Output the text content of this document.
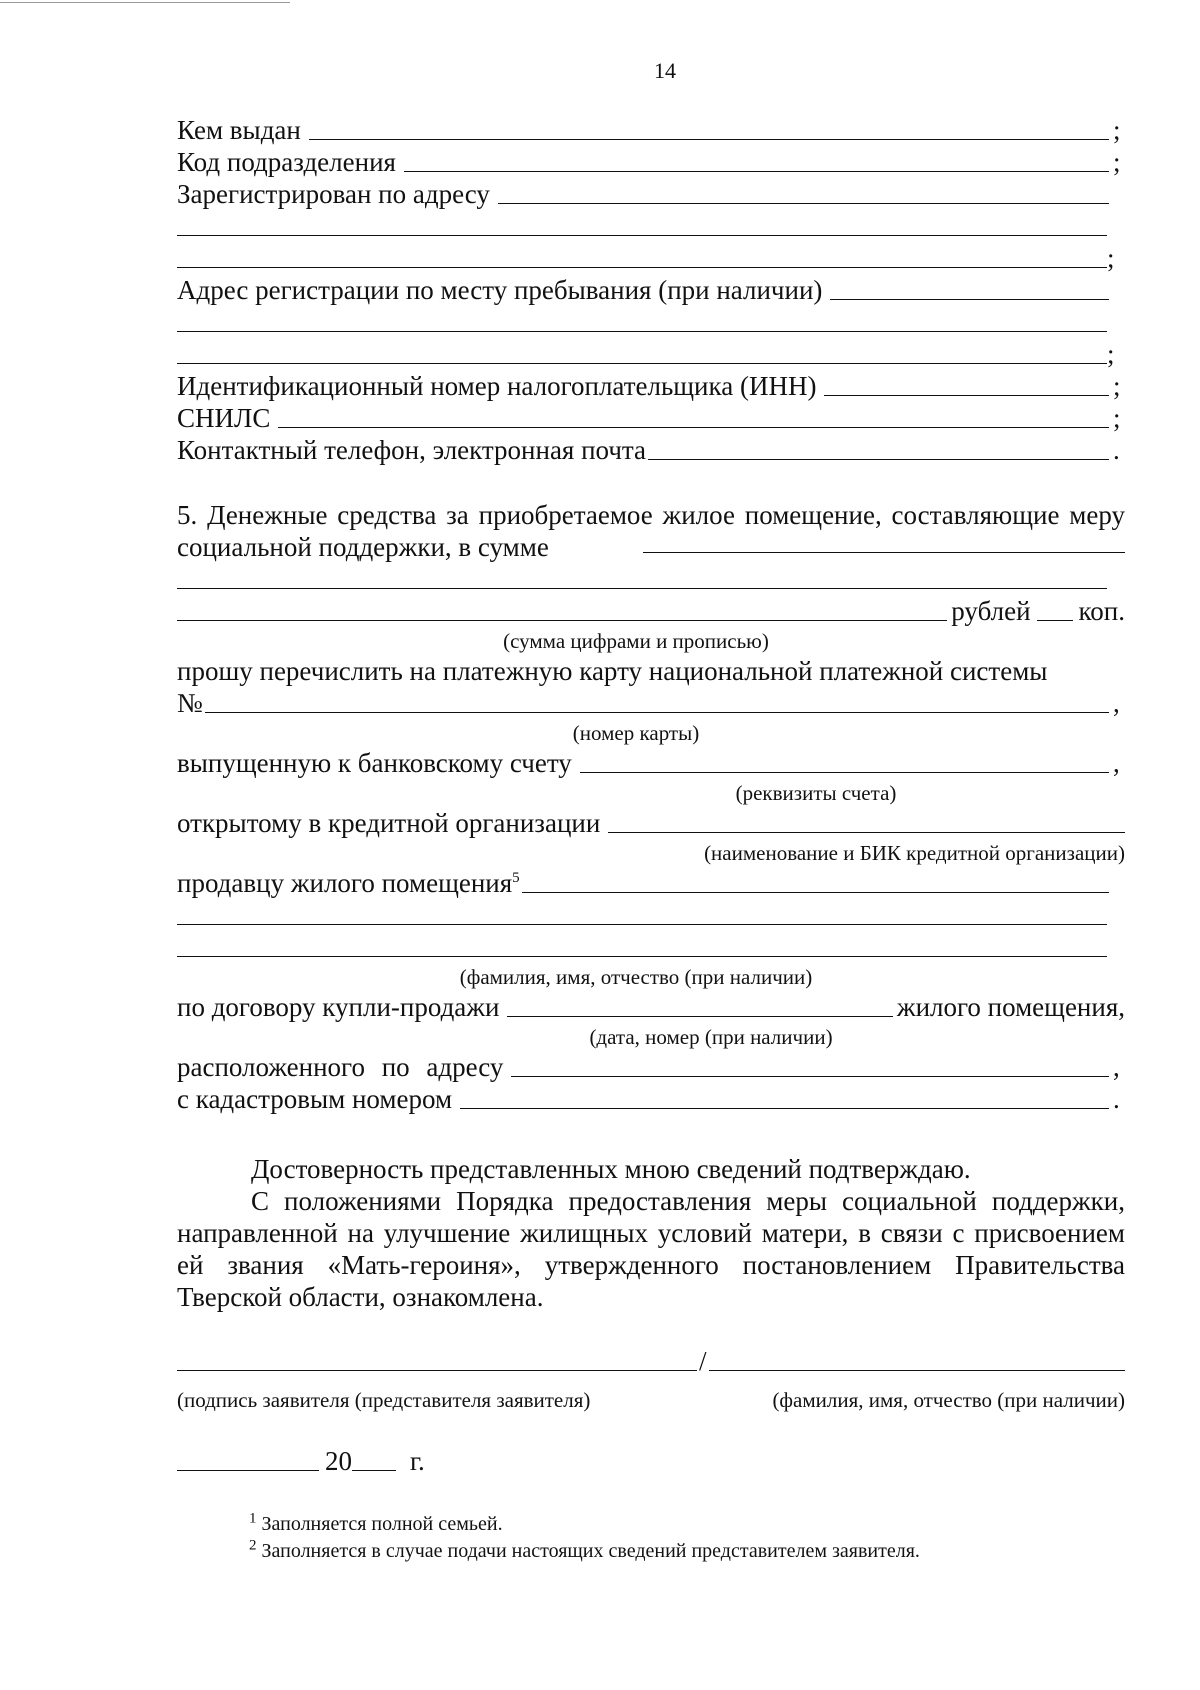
14
Кем выдан	;
Код подразделения	;
Зарегистрирован по адресу
;
Адрес регистрации по месту пребывания (при наличии)
;
Идентификационный номер налогоплательщика (ИНН)	;
СНИЛС	;
Контактный телефон, электронная почта	.

5. Денежные средства за приобретаемое жилое помещение, составляющие меру социальной поддержки, в сумме

рублей коп.
(сумма цифрами и прописью)
прошу перечислить на платежную карту национальной платежной системы
№	,
(номер карты)
выпущенную к банковскому счету	,
(реквизиты счета)
открытому в кредитной организации
(наименование и БИК кредитной организации)
продавцу жилого помещения$^5$
(фамилия, имя, отчество (при наличии)
по договору купли-продажи	жилого помещения,
(дата, номер (при наличии)
расположенного по адресу	,
с кадастровым номером	.

Достоверность представленных мною сведений подтверждаю.

С положениями Порядка предоставления меры социальной поддержки, направленной на улучшение жилищных условий матери, в связи с присвоением ей звания «Мать-героиня», утвержденного постановлением Правительства Тверской области, ознакомлена.

/
(подпись заявителя (представителя заявителя)	(фамилия, имя, отчество (при наличии)
20 г.
$^1$ Заполняется полной семьей.
$^2$ Заполняется в случае подачи настоящих сведений представителем заявителя.
